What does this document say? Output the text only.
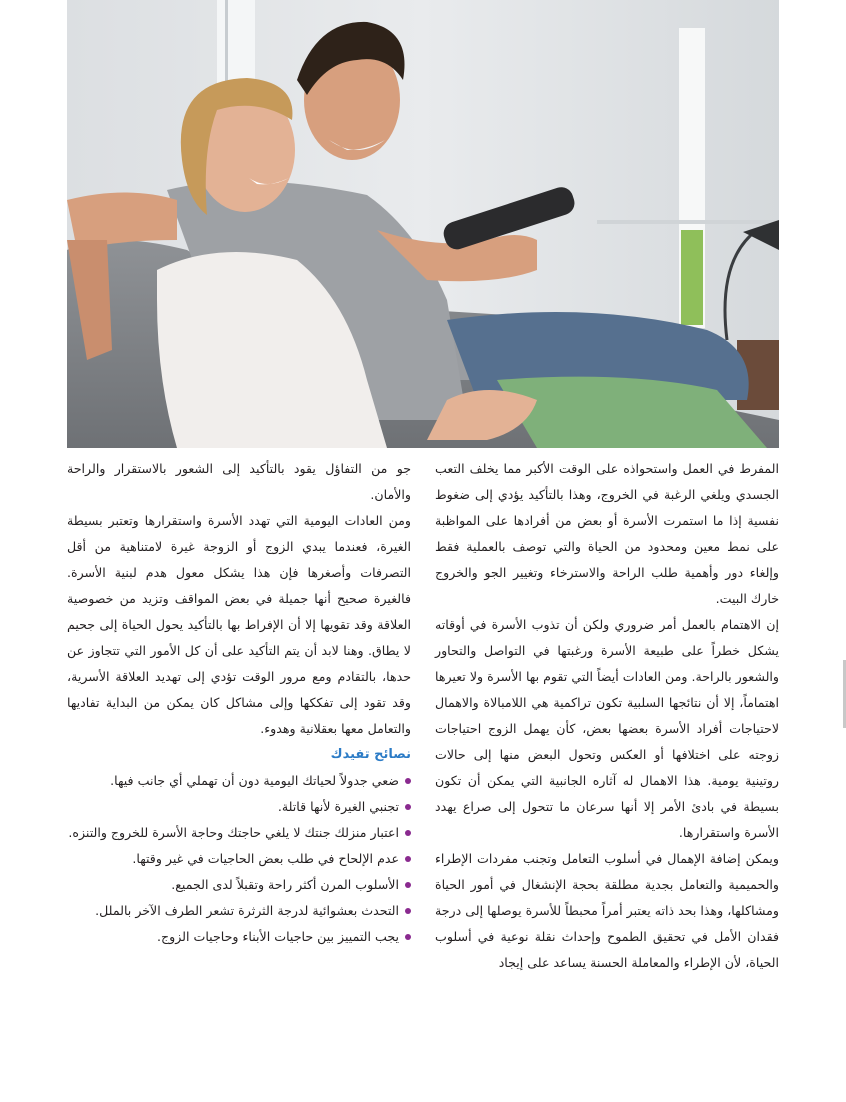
المفرط في العمل واستحواذه على الوقت الأكبر مما يخلف التعب الجسدي ويلغي الرغبة في الخروج، وهذا بالتأكيد يؤدي إلى ضغوط نفسية إذا ما استمرت الأسرة أو بعض من أفرادها على المواظبة على نمط معين ومحدود من الحياة والتي توصف بالعملية فقط وإلغاء دور وأهمية طلب الراحة والاسترخاء وتغيير الجو والخروج خارك البيت.

إن الاهتمام بالعمل أمر ضروري ولكن أن تذوب الأسرة في أوقاته يشكل خطراً على طبيعة الأسرة ورغبتها في التواصل والتحاور والشعور بالراحة. ومن العادات أيضاً التي تقوم بها الأسرة ولا تعيرها اهتماماً، إلا أن نتائجها السلبية تكون تراكمية هي اللامبالاة والاهمال لاحتياجات أفراد الأسرة بعضها بعض، كأن يهمل الزوج احتياجات زوجته على اختلافها أو العكس وتحول البعض منها إلى حالات روتينية يومية. هذا الاهمال له آثاره الجانبية التي يمكن أن تكون بسيطة في بادئ الأمر إلا أنها سرعان ما تتحول إلى صراع يهدد الأسرة واستقرارها.

ويمكن إضافة الإهمال في أسلوب التعامل وتجنب مفردات الإطراء والحميمية والتعامل بجدية مطلقة بحجة الإنشغال في أمور الحياة ومشاكلها، وهذا بحد ذاته يعتبر أمراً محبطاً للأسرة يوصلها إلى درجة فقدان الأمل في تحقيق الطموح وإحداث نقلة نوعية في أسلوب الحياة، لأن الإطراء والمعاملة الحسنة يساعد على إيجاد

جو من التفاؤل يقود بالتأكيد إلى الشعور بالاستقرار والراحة والأمان.

ومن العادات اليومية التي تهدد الأسرة واستقرارها وتعتبر بسيطة الغيرة، فعندما يبدي الزوج أو الزوجة غيرة لامتناهية من أقل التصرفات وأصغرها فإن هذا يشكل معول هدم لبنية الأسرة. فالغيرة صحيح أنها جميلة في بعض المواقف وتزيد من خصوصية العلاقة وقد تقويها إلا أن الإفراط بها بالتأكيد يحول الحياة إلى جحيم لا يطاق. وهنا لابد أن يتم التأكيد على أن كل الأمور التي تتجاوز عن حدها، بالتقادم ومع مرور الوقت تؤدي إلى تهديد العلاقة الأسرية، وقد تقود إلى تفككها وإلى مشاكل كان يمكن من البداية تفاديها والتعامل معها بعقلانية وهدوء.

نصائح تفيدك
ضعي جدولاً لحياتك اليومية دون أن تهملي أي جانب فيها.
تجنبي الغيرة لأنها قاتلة.
اعتبار منزلك جنتك لا يلغي حاجتك وحاجة الأسرة للخروج والتنزه.
عدم الإلحاح في طلب بعض الحاجيات في غير وقتها.
الأسلوب المرن أكثر راحة وتقبلاً لدى الجميع.
التحدث بعشوائية لدرجة الثرثرة تشعر الطرف الآخر بالملل.
يجب التمييز بين حاجيات الأبناء وحاجيات الزوج.
